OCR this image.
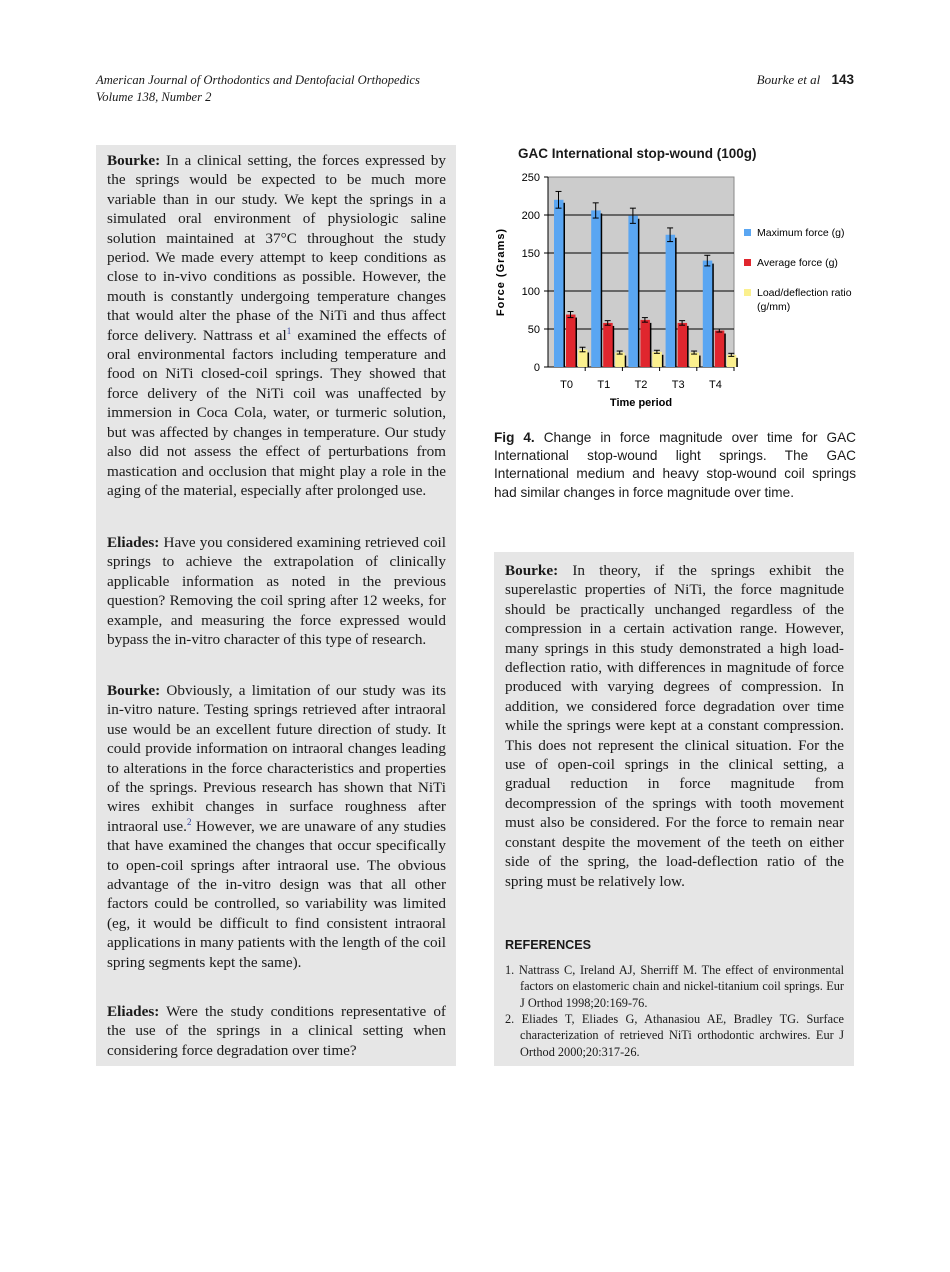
American Journal of Orthodontics and Dentofacial Orthopedics
Volume 138, Number 2
Bourke et al 143

Bourke: In a clinical setting, the forces expressed by the springs would be expected to be much more variable than in our study. We kept the springs in a simulated oral environment of physiologic saline solution maintained at 37°C throughout the study period. We made every attempt to keep conditions as close to in-vivo conditions as possible. However, the mouth is constantly undergoing temperature changes that would alter the phase of the NiTi and thus affect force delivery. Nattrass et $al^1$ examined the effects of oral environmental factors including temperature and food on NiTi closed-coil springs. They showed that force delivery of the NiTi coil was unaffected by immersion in Coca Cola, water, or turmeric solution, but was affected by changes in temperature. Our study also did not assess the effect of perturbations from mastication and occlusion that might play a role in the aging of the material, especially after prolonged use.

Eliades: Have you considered examining retrieved coil springs to achieve the extrapolation of clinically applicable information as noted in the previous question? Removing the coil spring after 12 weeks, for example, and measuring the force expressed would bypass the in-vitro character of this type of research.

Bourke: Obviously, a limitation of our study was its in-vitro nature. Testing springs retrieved after intraoral use would be an excellent future direction of study. It could provide information on intraoral changes leading to alterations in the force characteristics and properties of the springs. Previous research has shown that NiTi wires exhibit changes in surface roughness after intraoral use.$^2$ However, we are unaware of any studies that have examined the changes that occur specifically to open-coil springs after intraoral use. The obvious advantage of the in-vitro design was that all other factors could be controlled, so variability was limited (eg, it would be difficult to find consistent intraoral applications in many patients with the length of the coil spring segments kept the same).

Eliades: Were the study conditions representative of the use of the springs in a clinical setting when considering force degradation over time?

GAC International stop-wound (100g)
0
50
100
150
200
250
T0 T1 T2 T3 T4
Time period
Force (Grams)	Maximum force (g)
Average force (g)
Load/deflection ratio
(g/mm)

Fig 4. Change in force magnitude over time for GAC International stop-wound light springs. The GAC International medium and heavy stop-wound coil springs had similar changes in force magnitude over time.

Bourke: In theory, if the springs exhibit the superelastic properties of NiTi, the force magnitude should be practically unchanged regardless of the compression in a certain activation range. However, many springs in this study demonstrated a high load-deflection ratio, with differences in magnitude of force produced with varying degrees of compression. In addition, we considered force degradation over time while the springs were kept at a constant compression. This does not represent the clinical situation. For the use of open-coil springs in the clinical setting, a gradual reduction in force magnitude from decompression of the springs with tooth movement must also be considered. For the force to remain near constant despite the movement of the teeth on either side of the spring, the load-deflection ratio of the spring must be relatively low.

REFERENCES

1. Nattrass C, Ireland AJ, Sherriff M. The effect of environmental factors on elastomeric chain and nickel-titanium coil springs. Eur J Orthod 1998;20:169-76.

2. Eliades T, Eliades G, Athanasiou AE, Bradley TG. Surface characterization of retrieved NiTi orthodontic archwires. Eur J Orthod 2000;20:317-26.
